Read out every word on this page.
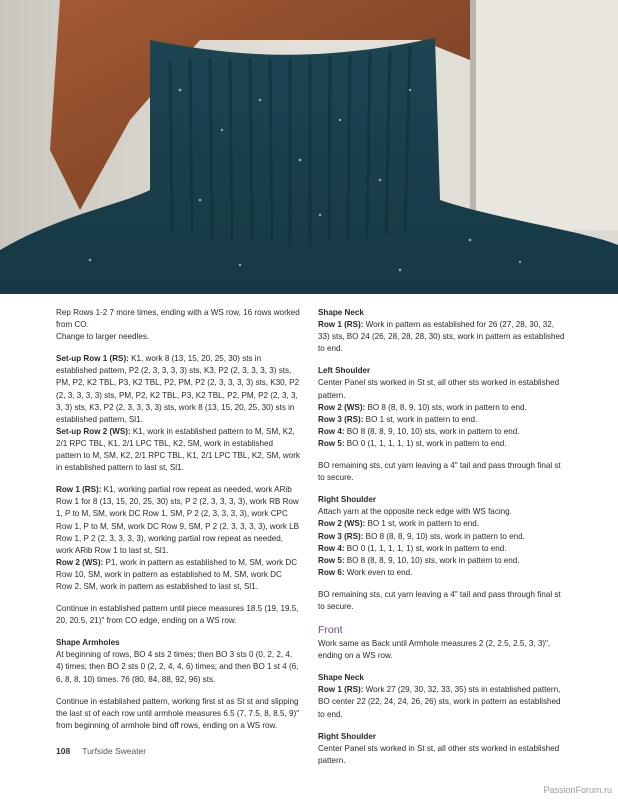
Rep Rows 1-2 7 more times, ending with a WS row, 16 rows worked from CO.
Change to larger needles.

Set-up Row 1 (RS): K1, work 8 (13, 15, 20, 25, 30) sts in established pattern, P2 (2, 3, 3, 3, 3) sts, K3, P2 (2, 3, 3, 3, 3) sts, PM, P2, K2 TBL, P3, K2 TBL, P2, PM, P2 (2, 3, 3, 3, 3) sts, K30, P2 (2, 3, 3, 3, 3) sts, PM, P2, K2 TBL, P3, K2 TBL, P2, PM, P2 (2, 3, 3, 3, 3) sts, K3, P2 (2, 3, 3, 3, 3) sts, work 8 (13, 15, 20, 25, 30) sts in established pattern, Sl1.
Set-up Row 2 (WS): K1, work in established pattern to M, SM, K2, 2/1 RPC TBL, K1, 2/1 LPC TBL, K2, SM, work in established pattern to M, SM, K2, 2/1 RPC TBL, K1, 2/1 LPC TBL, K2, SM, work in established pattern to last st, Sl1.

Row 1 (RS): K1, working partial row repeat as needed, work ARib Row 1 for 8 (13, 15, 20, 25, 30) sts, P 2 (2, 3, 3, 3, 3), work RB Row 1, P to M, SM, work DC Row 1, SM, P 2 (2, 3, 3, 3, 3), work CPC Row 1, P to M, SM, work DC Row 9, SM, P 2 (2, 3, 3, 3, 3), work LB Row 1, P 2 (2, 3, 3, 3, 3), working partial row repeat as needed, work ARib Row 1 to last st, Sl1.
Row 2 (WS): P1, work in pattern as established to M, SM, work DC Row 10, SM, work in pattern as established to M, SM, work DC Row 2, SM, work in pattern as established to last st, Sl1.

Continue in established pattern until piece measures 18.5 (19, 19.5, 20, 20.5, 21)" from CO edge, ending on a WS row.

Shape Armholes

At beginning of rows, BO 4 sts 2 times; then BO 3 sts 0 (0, 2, 2, 4, 4) times; then BO 2 sts 0 (2, 2, 4, 4, 6) times; and then BO 1 st 4 (6, 6, 8, 8, 10) times. 76 (80, 84, 88, 92, 96) sts.

Continue in established pattern, working first st as St st and slipping the last st of each row until armhole measures 6.5 (7, 7.5, 8, 8.5, 9)" from beginning of armhole bind off rows, ending on a WS row.

Shape Neck

Row 1 (RS): Work in pattern as established for 26 (27, 28, 30, 32, 33) sts, BO 24 (26, 28, 28, 28, 30) sts, work in pattern as established to end.

Left Shoulder

Center Panel sts worked in St st, all other sts worked in established pattern.
Row 2 (WS): BO 8 (8, 8, 9, 10) sts, work in pattern to end.
Row 3 (RS): BO 1 st, work in pattern to end.
Row 4: BO 8 (8, 8, 9, 10, 10) sts, work in pattern to end.
Row 5: BO 0 (1, 1, 1, 1, 1) st, work in pattern to end.

BO remaining sts, cut yarn leaving a 4" tail and pass through final st to secure.

Right Shoulder

Attach yarn at the opposite neck edge with WS facing.
Row 2 (WS): BO 1 st, work in pattern to end.
Row 3 (RS): BO 8 (8, 8, 9, 10) sts, work in pattern to end.
Row 4: BO 0 (1, 1, 1, 1, 1) st, work in pattern to end.
Row 5: BO 8 (8, 8, 9, 10, 10) sts, work in pattern to end.
Row 6: Work even to end.

BO remaining sts, cut yarn leaving a 4" tail and pass through final st to secure.

Front

Work same as Back until Armhole measures 2 (2, 2.5, 2.5, 3, 3)", ending on a WS row.

Shape Neck

Row 1 (RS): Work 27 (29, 30, 32, 33, 35) sts in established pattern, BO center 22 (22, 24, 24, 26, 26) sts, work in pattern as established to end.

Right Shoulder

Center Panel sts worked in St st, all other sts worked in established pattern.

108 Turfside Sweater
PassionForum.ru
